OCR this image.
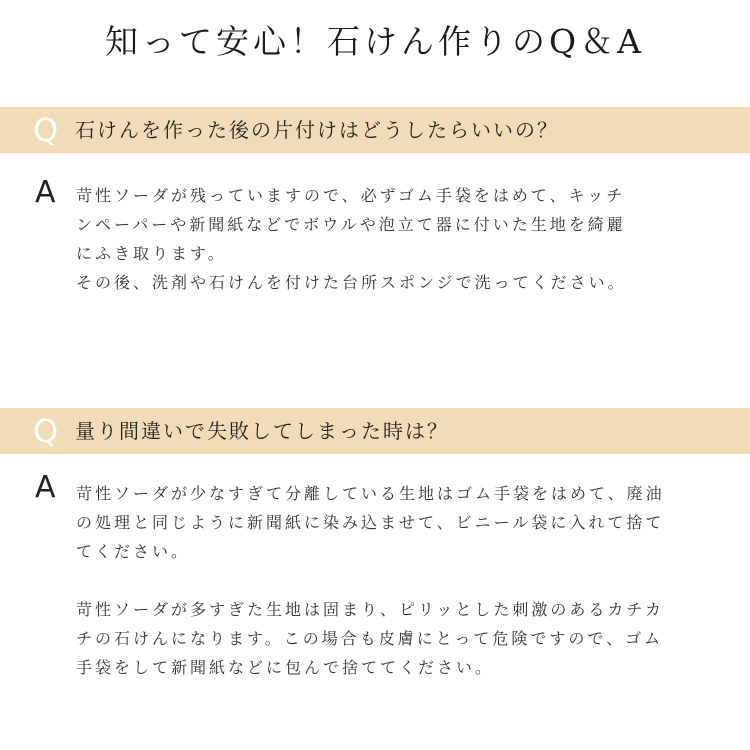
知って安心！石けん作りのQ＆A
Q 石けんを作った後の片付けはどうしたらいいの？
A 苛性ソーダが残っていますので、必ずゴム手袋をはめて、キッチ

ンペーパーや新聞紙などでボウルや泡立て器に付いた生地を綺麗

にふき取ります。

その後、洗剤や石けんを付けた台所スポンジで洗ってください。

Q 量り間違いで失敗してしまった時は？
A 苛性ソーダが少なすぎて分離している生地はゴム手袋をはめて、廃油

の処理と同じように新聞紙に染み込ませて、ビニール袋に入れて捨て

てください。

苛性ソーダが多すぎた生地は固まり、ピリッとした刺激のあるカチカ

チの石けんになります。この場合も皮膚にとって危険ですので、ゴム

手袋をして新聞紙などに包んで捨ててください。
